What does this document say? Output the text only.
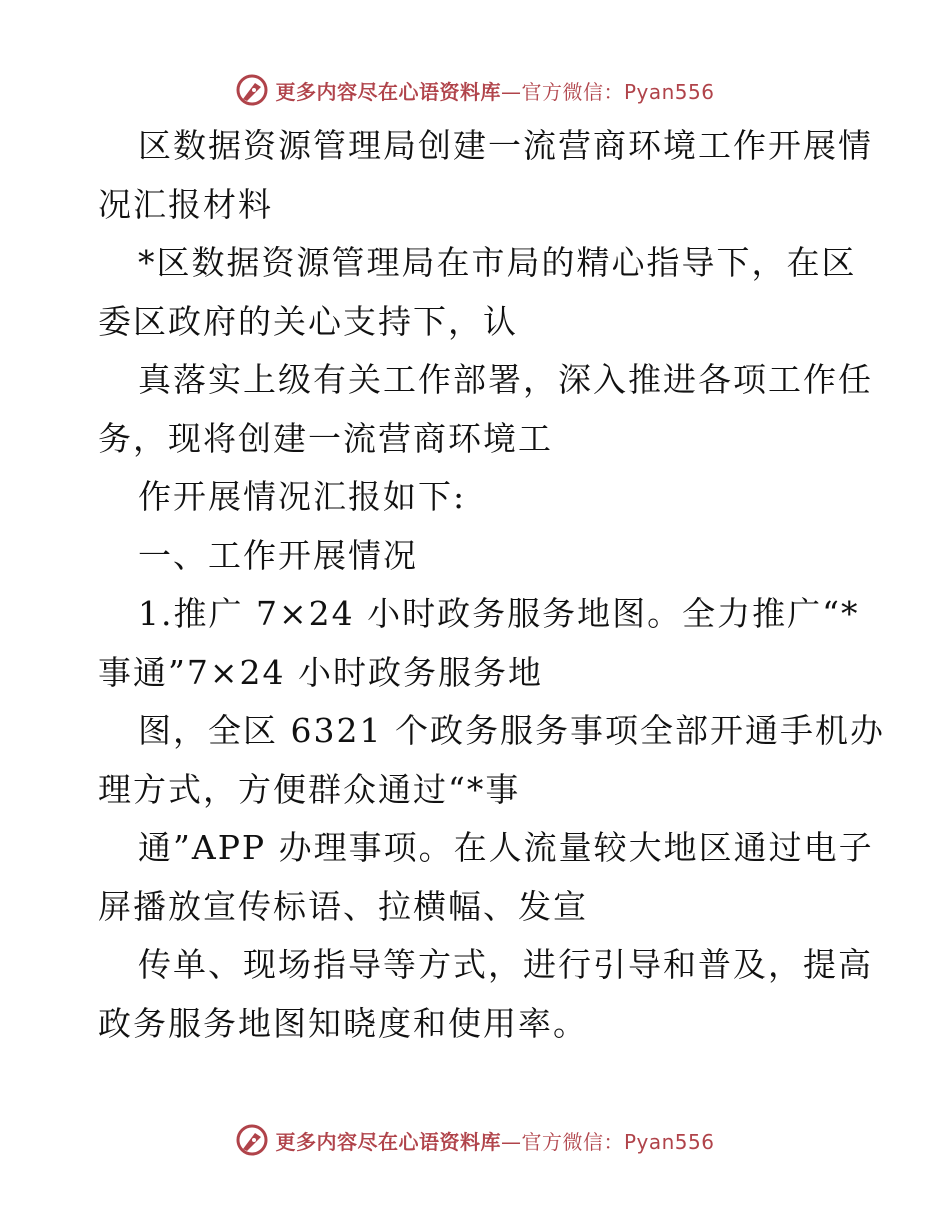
更多内容尽在心语资料库—官方微信：Pyan556
区数据资源管理局创建一流营商环境工作开展情
况汇报材料
*区数据资源管理局在市局的精心指导下，在区
委区政府的关心支持下，认
真落实上级有关工作部署，深入推进各项工作任
务，现将创建一流营商环境工
作开展情况汇报如下:
一、工作开展情况
1.推广 7×24 小时政务服务地图。全力推广“*
事通”7×24 小时政务服务地
图，全区 6321 个政务服务事项全部开通手机办
理方式，方便群众通过“*事
通”APP 办理事项。在人流量较大地区通过电子
屏播放宣传标语、拉横幅、发宣
传单、现场指导等方式，进行引导和普及，提高
政务服务地图知晓度和使用率。
更多内容尽在心语资料库—官方微信：Pyan556
